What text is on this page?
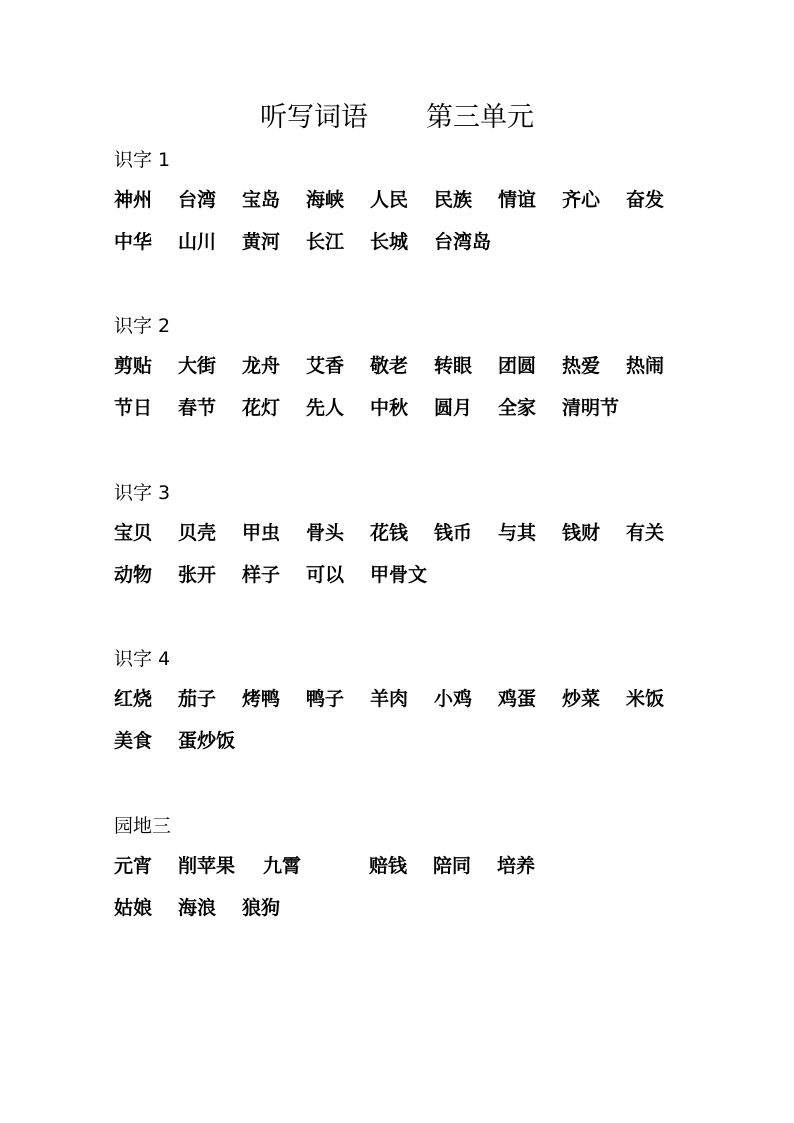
听写词语 第三单元
识字 1
神州 台湾 宝岛 海峡 人民 民族 情谊 齐心 奋发
中华 山川 黄河 长江 长城 台湾岛
识字 2
剪贴 大街 龙舟 艾香 敬老 转眼 团圆 热爱 热闹
节日 春节 花灯 先人 中秋 圆月 全家 清明节
识字 3
宝贝 贝壳 甲虫 骨头 花钱 钱币 与其 钱财 有关
动物 张开 样子 可以 甲骨文
识字 4
红烧 茄子 烤鸭 鸭子 羊肉 小鸡 鸡蛋 炒菜 米饭
美食 蛋炒饭
园地三
元宵 削苹果 九霄	赔钱 陪同 培养
姑娘 海浪 狼狗
